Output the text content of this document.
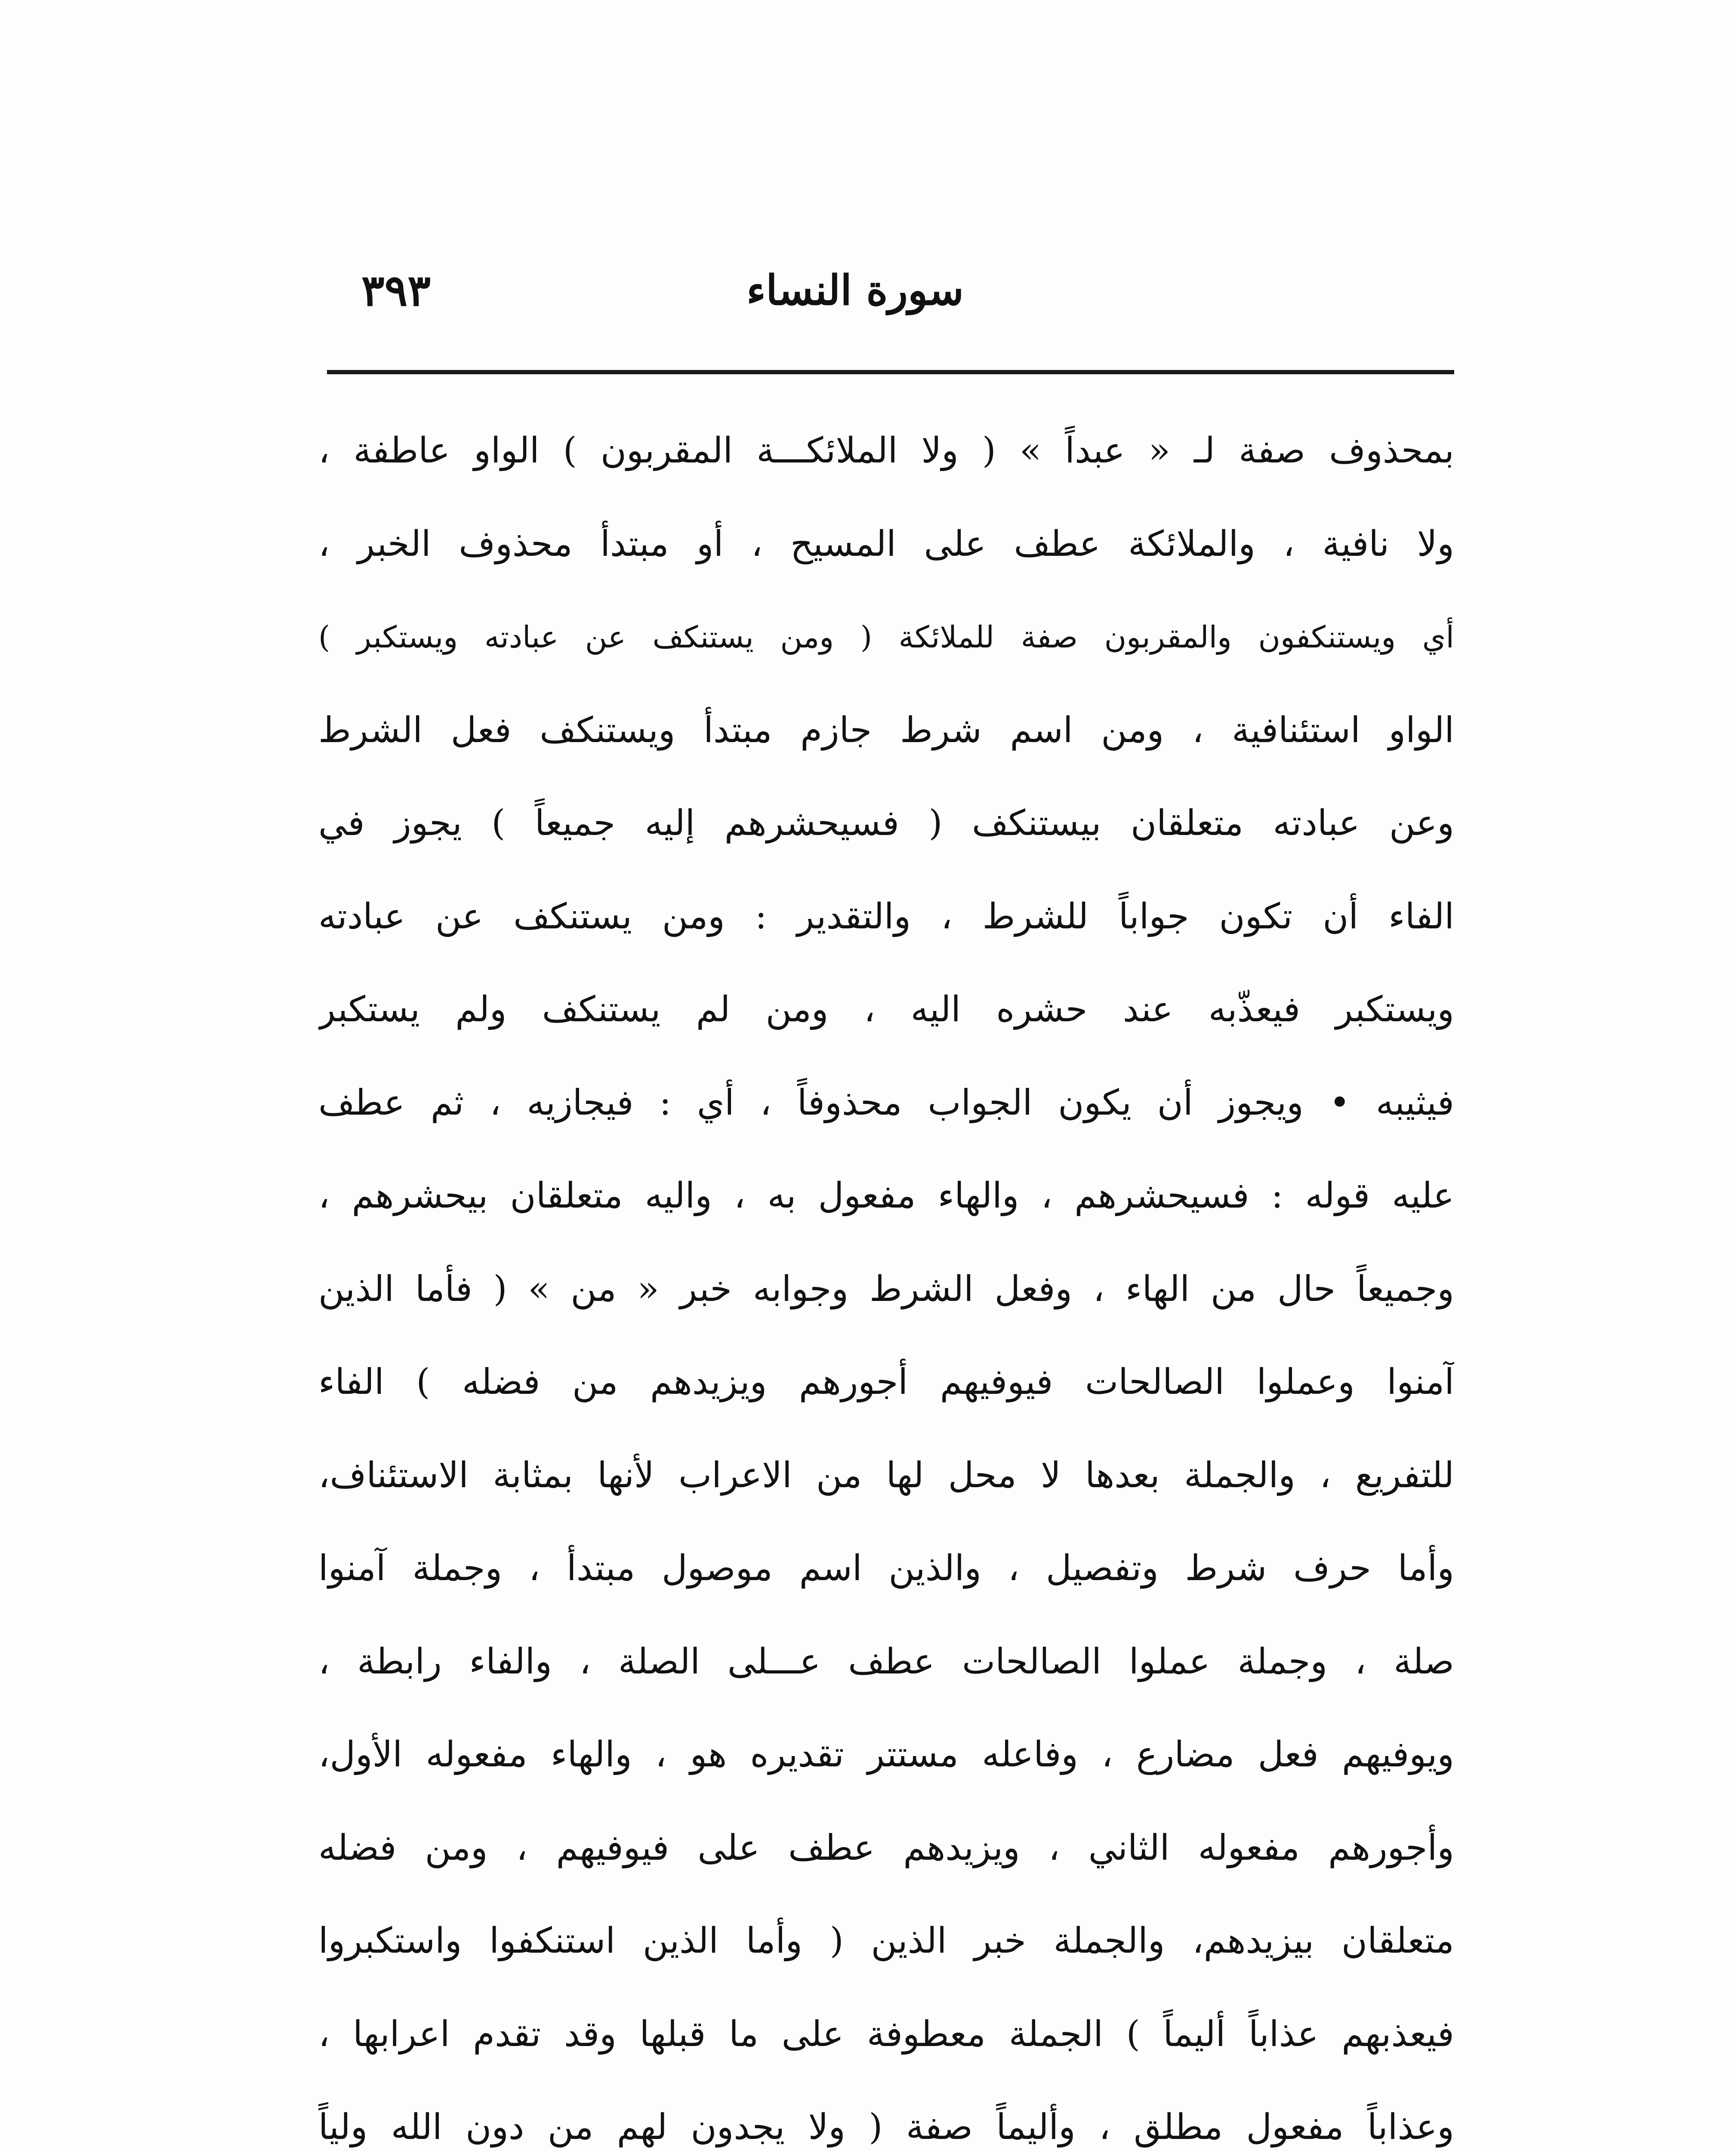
سورة النساء
٣٩٣
بمحذوف صفة لـ « عبداً » ( ولا الملائكـــة المقربون ) الواو عاطفة ،
ولا نافية ، والملائكة عطف على المسيح ، أو مبتدأ محذوف الخبر ،
أي ويستنكفون والمقربون صفة للملائكة ( ومن يستنكف عن عبادته ويستكبر )
الواو استئنافية ، ومن اسم شرط جازم مبتدأ ويستنكف فعل الشرط
وعن عبادته متعلقان بيستنكف ( فسيحشرهم إليه جميعاً ) يجوز في
الفاء أن تكون جواباً للشرط ، والتقدير : ومن يستنكف عن عبادته
ويستكبر فيعذّبه عند حشره اليه ، ومن لم يستنكف ولم يستكبر
فيثيبه • ويجوز أن يكون الجواب محذوفاً ، أي : فيجازيه ، ثم عطف
عليه قوله : فسيحشرهم ، والهاء مفعول به ، واليه متعلقان بيحشرهم ،
وجميعاً حال من الهاء ، وفعل الشرط وجوابه خبر « من » ( فأما الذين
آمنوا وعملوا الصالحات فيوفيهم أجورهم ويزيدهم من فضله ) الفاء
للتفريع ، والجملة بعدها لا محل لها من الاعراب لأنها بمثابة الاستئناف،
وأما حرف شرط وتفصيل ، والذين اسم موصول مبتدأ ، وجملة آمنوا
صلة ، وجملة عملوا الصالحات عطف عـــلى الصلة ، والفاء رابطة ،
ويوفيهم فعل مضارع ، وفاعله مستتر تقديره هو ، والهاء مفعوله الأول،
وأجورهم مفعوله الثاني ، ويزيدهم عطف على فيوفيهم ، ومن فضله
متعلقان بيزيدهم، والجملة خبر الذين ( وأما الذين استنكفوا واستكبروا
فيعذبهم عذاباً أليماً ) الجملة معطوفة على ما قبلها وقد تقدم اعرابها ،
وعذاباً مفعول مطلق ، وأليماً صفة ( ولا يجدون لهم من دون الله ولياً
